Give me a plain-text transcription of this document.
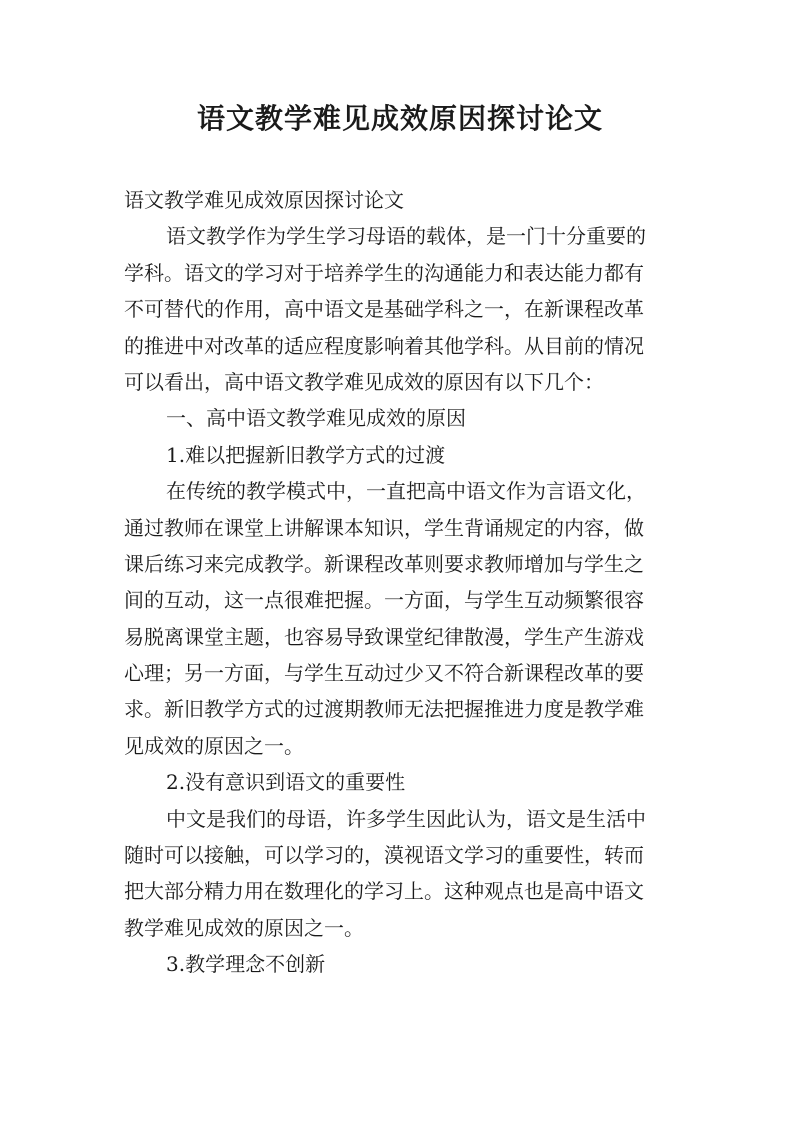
语文教学难见成效原因探讨论文
语文教学难见成效原因探讨论文
语文教学作为学生学习母语的载体，是一门十分重要的
学科。语文的学习对于培养学生的沟通能力和表达能力都有
不可替代的作用，高中语文是基础学科之一，在新课程改革
的推进中对改革的适应程度影响着其他学科。从目前的情况
可以看出，高中语文教学难见成效的原因有以下几个：
一、高中语文教学难见成效的原因
1.难以把握新旧教学方式的过渡
在传统的教学模式中，一直把高中语文作为言语文化，
通过教师在课堂上讲解课本知识，学生背诵规定的内容，做
课后练习来完成教学。新课程改革则要求教师增加与学生之
间的互动，这一点很难把握。一方面，与学生互动频繁很容
易脱离课堂主题，也容易导致课堂纪律散漫，学生产生游戏
心理；另一方面，与学生互动过少又不符合新课程改革的要
求。新旧教学方式的过渡期教师无法把握推进力度是教学难
见成效的原因之一。
2.没有意识到语文的重要性
中文是我们的母语，许多学生因此认为，语文是生活中
随时可以接触，可以学习的，漠视语文学习的重要性，转而
把大部分精力用在数理化的学习上。这种观点也是高中语文
教学难见成效的原因之一。
3.教学理念不创新
